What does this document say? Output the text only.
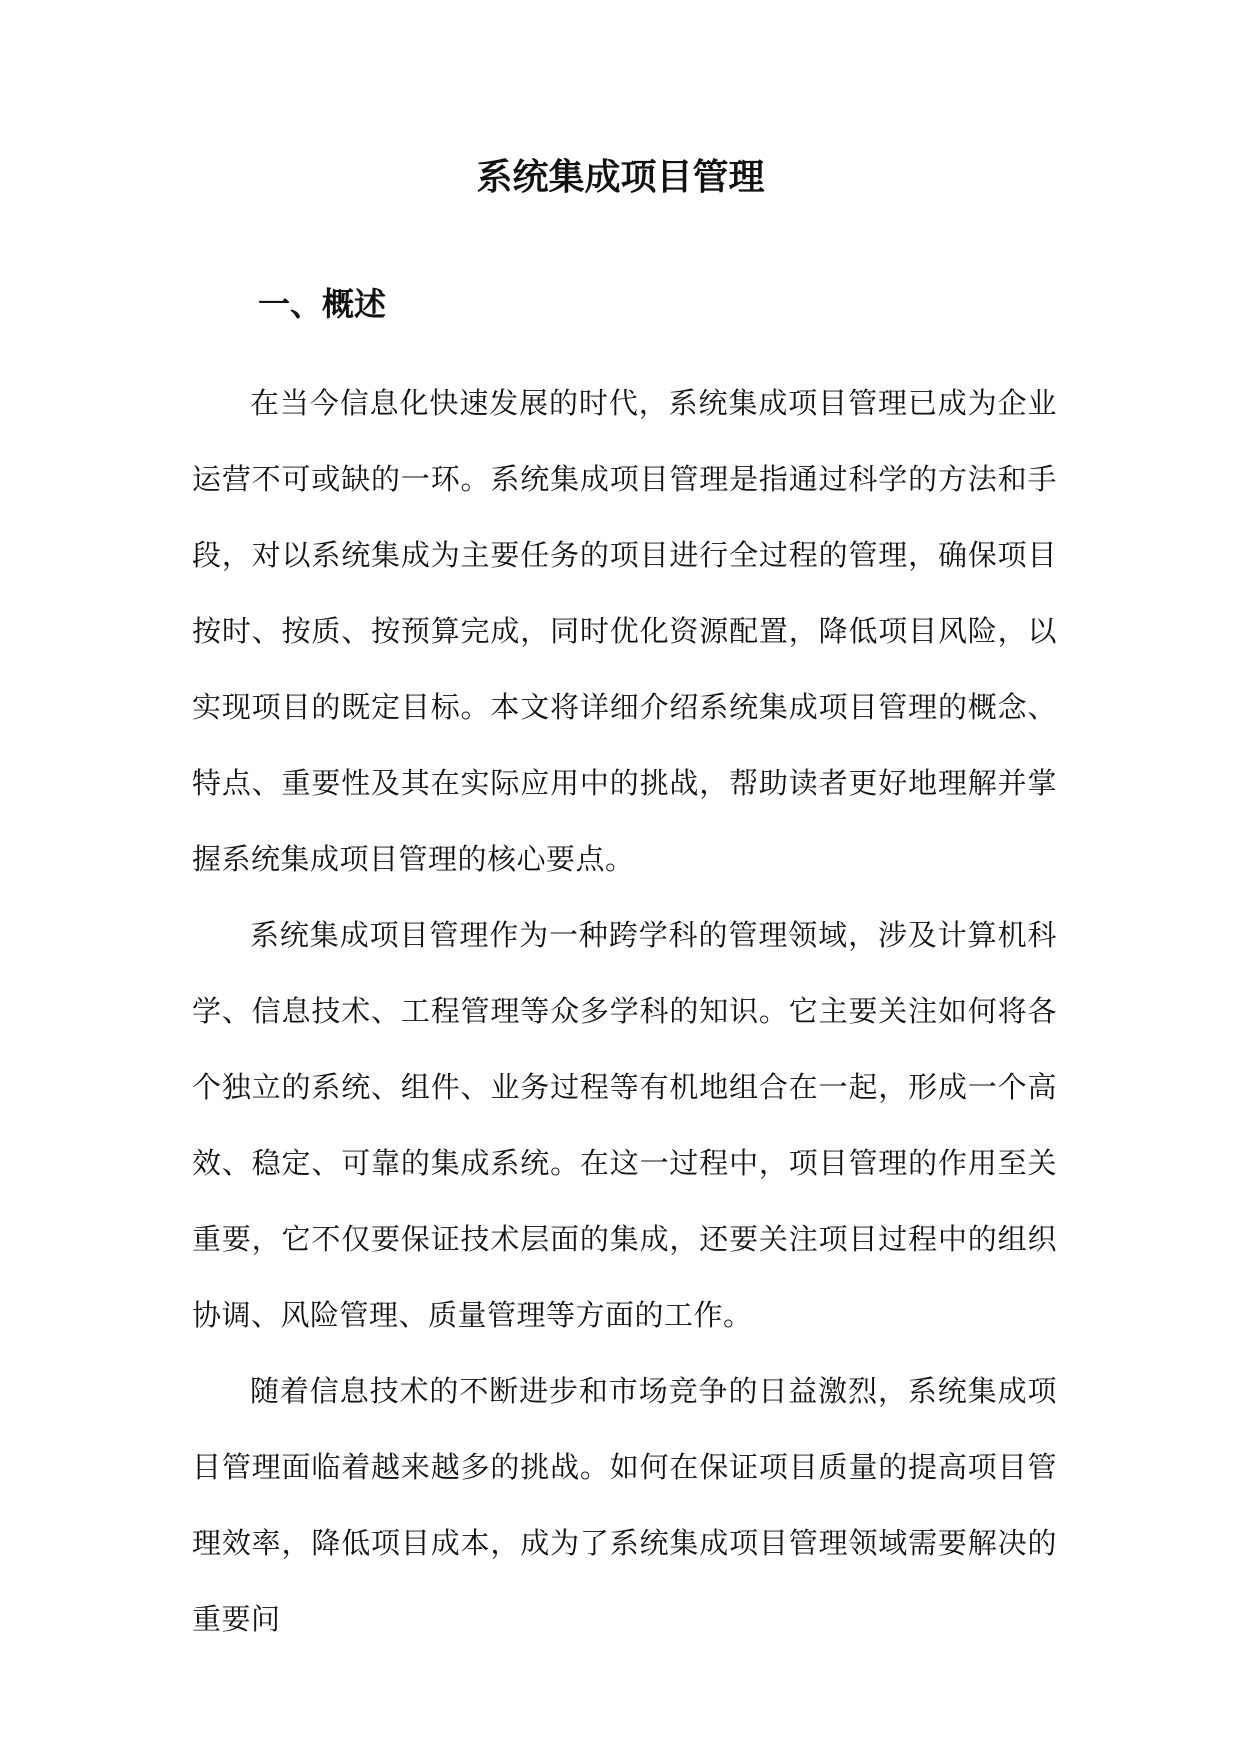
系统集成项目管理
一、概述

在当今信息化快速发展的时代，系统集成项目管理已成为企业运营不可或缺的一环。系统集成项目管理是指通过科学的方法和手段，对以系统集成为主要任务的项目进行全过程的管理，确保项目按时、按质、按预算完成，同时优化资源配置，降低项目风险，以实现项目的既定目标。本文将详细介绍系统集成项目管理的概念、特点、重要性及其在实际应用中的挑战，帮助读者更好地理解并掌握系统集成项目管理的核心要点。

系统集成项目管理作为一种跨学科的管理领域，涉及计算机科学、信息技术、工程管理等众多学科的知识。它主要关注如何将各个独立的系统、组件、业务过程等有机地组合在一起，形成一个高效、稳定、可靠的集成系统。在这一过程中，项目管理的作用至关重要，它不仅要保证技术层面的集成，还要关注项目过程中的组织协调、风险管理、质量管理等方面的工作。

随着信息技术的不断进步和市场竞争的日益激烈，系统集成项目管理面临着越来越多的挑战。如何在保证项目质量的提高项目管理效率，降低项目成本，成为了系统集成项目管理领域需要解决的重要问
